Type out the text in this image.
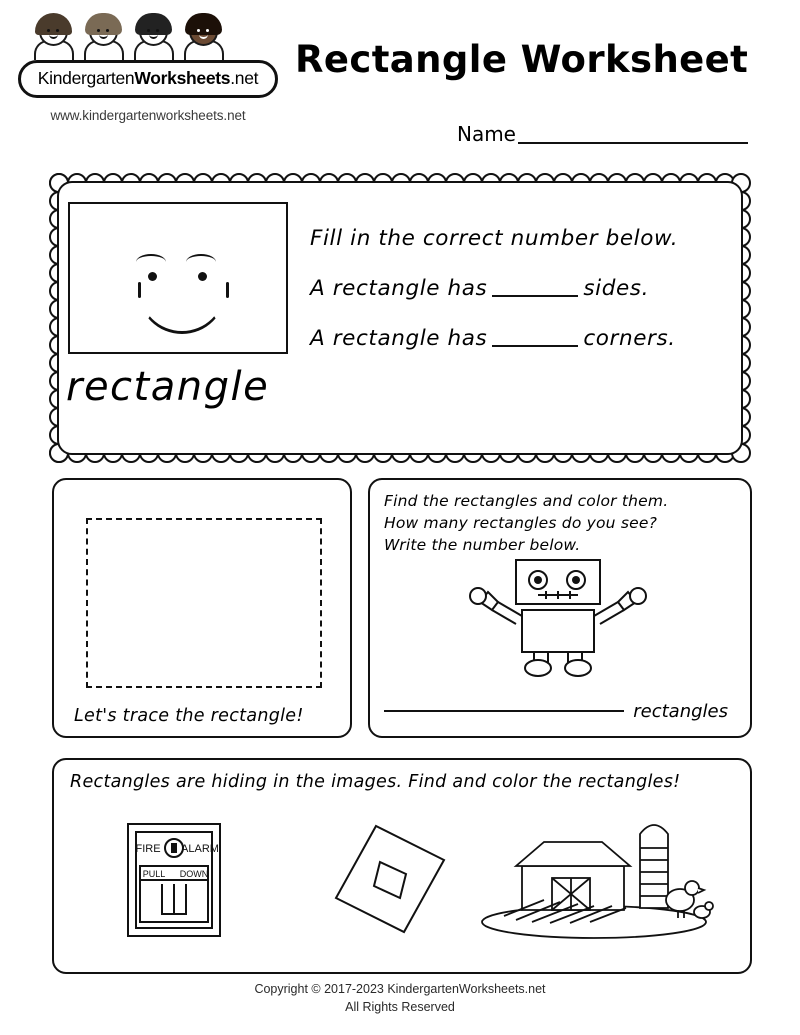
KindergartenWorksheets.net
www.kindergartenworksheets.net
Rectangle Worksheet
Name
rectangle
Fill in the correct number below.
A rectangle has	sides.
A rectangle has	corners.
Let's trace the rectangle!
Find the rectangles and color them.
How many rectangles do you see?
Write the number below.
rectangles
Rectangles are hiding in the images. Find and color the rectangles!
FIRE ALARM
PULL DOWN
Copyright © 2017-2023 KindergartenWorksheets.net
All Rights Reserved
